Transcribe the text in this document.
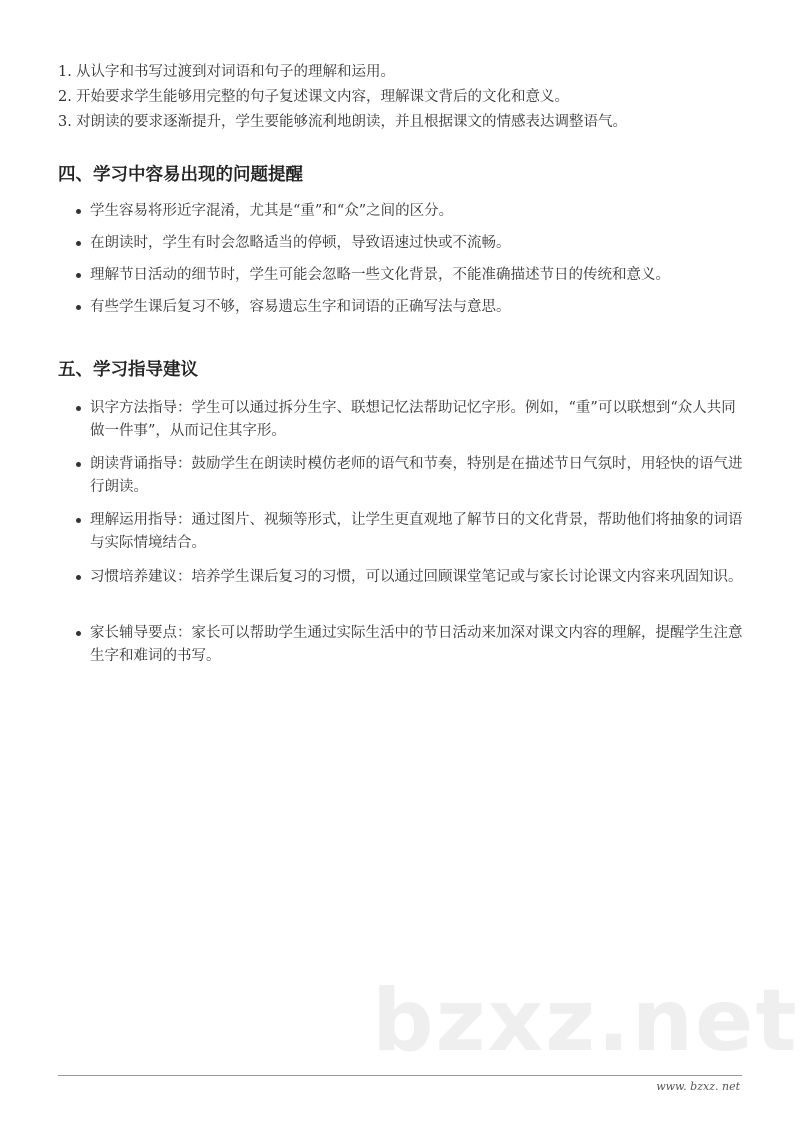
1. 从认字和书写过渡到对词语和句子的理解和运用。
2. 开始要求学生能够用完整的句子复述课文内容，理解课文背后的文化和意义。
3. 对朗读的要求逐渐提升，学生要能够流利地朗读，并且根据课文的情感表达调整语气。
四、学习中容易出现的问题提醒
学生容易将形近字混淆，尤其是“重”和“众”之间的区分。
在朗读时，学生有时会忽略适当的停顿，导致语速过快或不流畅。
理解节日活动的细节时，学生可能会忽略一些文化背景，不能准确描述节日的传统和意义。
有些学生课后复习不够，容易遗忘生字和词语的正确写法与意思。
五、学习指导建议
识字方法指导：学生可以通过拆分生字、联想记忆法帮助记忆字形。例如，“重”可以联想到“众人共同做一件事”，从而记住其字形。
朗读背诵指导：鼓励学生在朗读时模仿老师的语气和节奏，特别是在描述节日气氛时，用轻快的语气进行朗读。
理解运用指导：通过图片、视频等形式，让学生更直观地了解节日的文化背景，帮助他们将抽象的词语与实际情境结合。
习惯培养建议：培养学生课后复习的习惯，可以通过回顾课堂笔记或与家长讨论课文内容来巩固知识。
家长辅导要点：家长可以帮助学生通过实际生活中的节日活动来加深对课文内容的理解，提醒学生注意生字和难词的书写。
bzxz.net
www. bzxz. net
